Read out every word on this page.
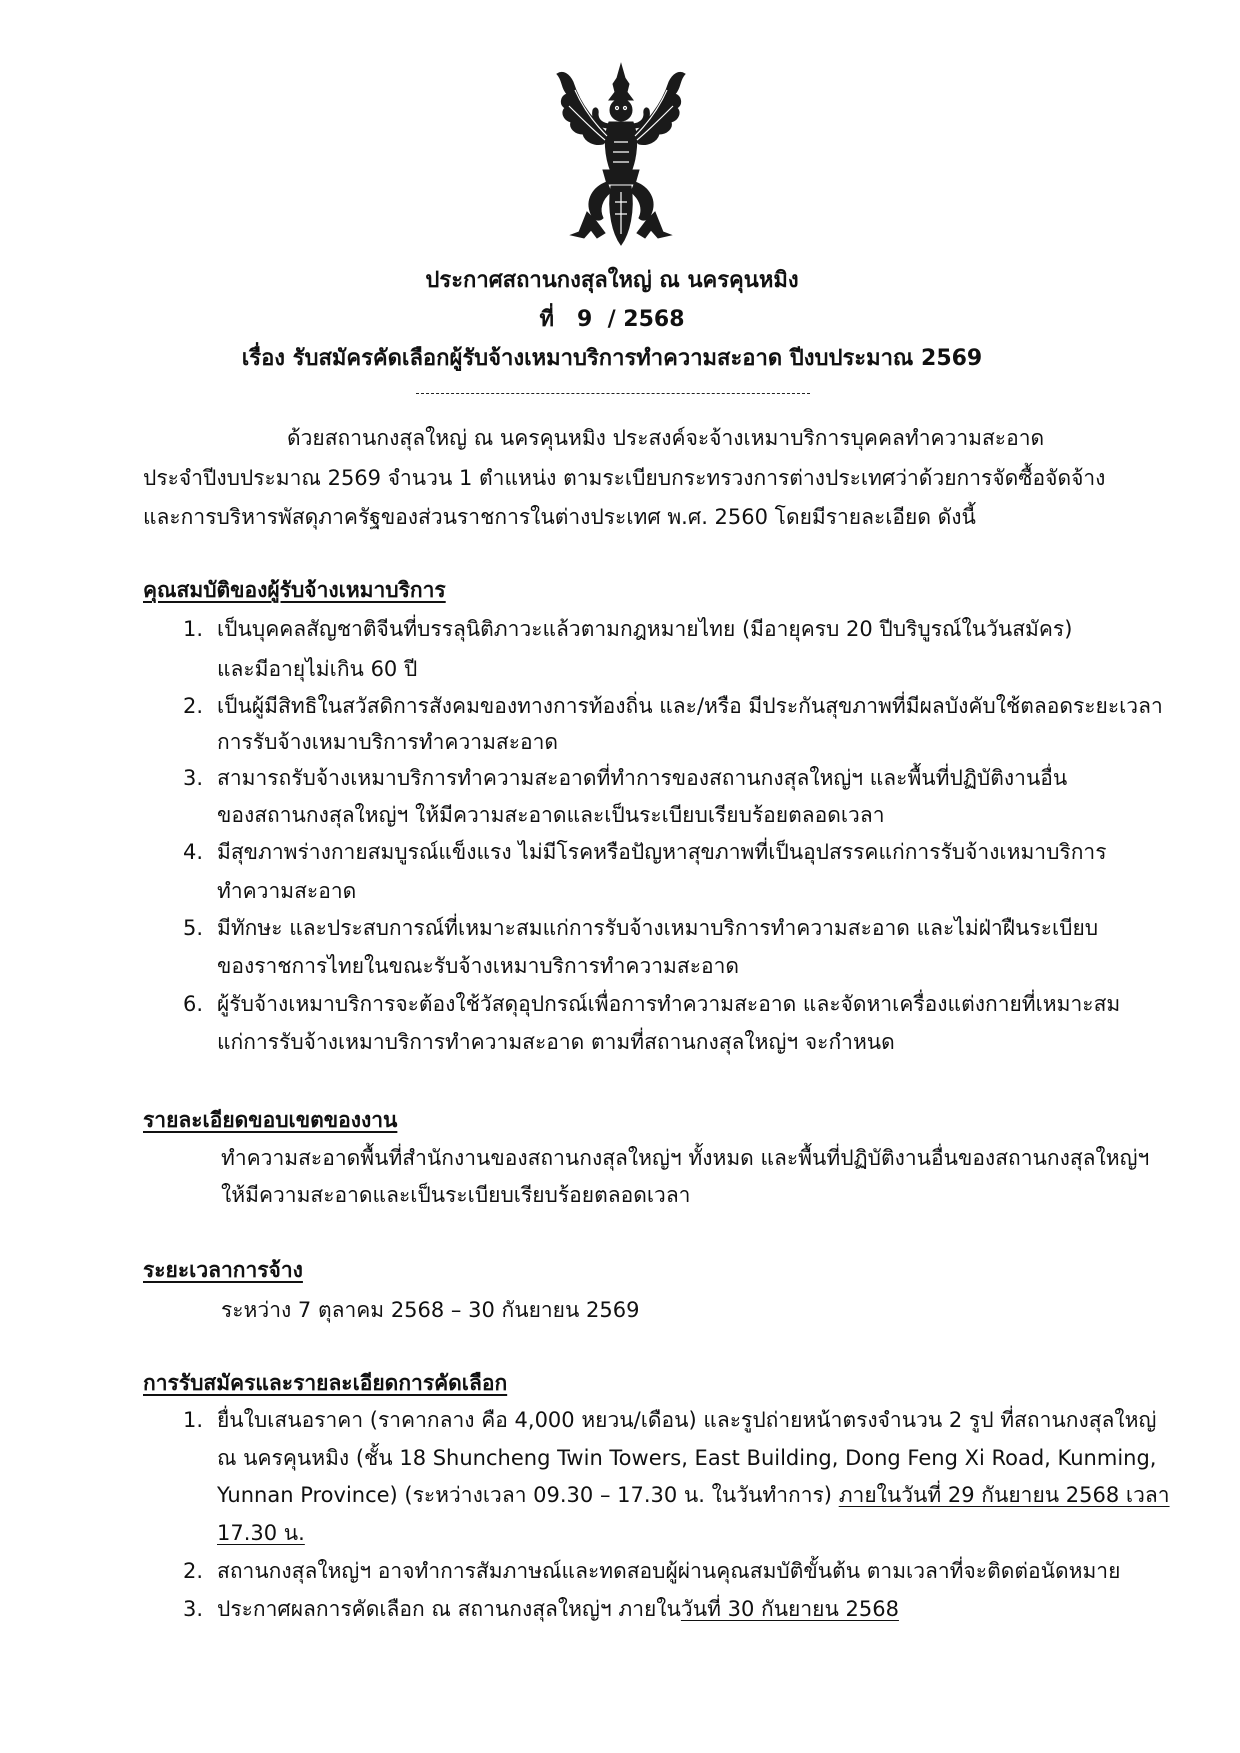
ประกาศสถานกงสุลใหญ่ ณ นครคุนหมิง
ที่   9  / 2568
เรื่อง รับสมัครคัดเลือกผู้รับจ้างเหมาบริการทำความสะอาด ปีงบประมาณ 2569
ด้วยสถานกงสุลใหญ่ ณ นครคุนหมิง ประสงค์จะจ้างเหมาบริการบุคคลทำความสะอาด
ประจำปีงบประมาณ 2569 จำนวน 1 ตำแหน่ง ตามระเบียบกระทรวงการต่างประเทศว่าด้วยการจัดซื้อจัดจ้าง
และการบริหารพัสดุภาครัฐของส่วนราชการในต่างประเทศ พ.ศ. 2560 โดยมีรายละเอียด ดังนี้
คุณสมบัติของผู้รับจ้างเหมาบริการ
1. เป็นบุคคลสัญชาติจีนที่บรรลุนิติภาวะแล้วตามกฎหมายไทย (มีอายุครบ 20 ปีบริบูรณ์ในวันสมัคร)
และมีอายุไม่เกิน 60 ปี
2. เป็นผู้มีสิทธิในสวัสดิการสังคมของทางการท้องถิ่น และ/หรือ มีประกันสุขภาพที่มีผลบังคับใช้ตลอดระยะเวลา
การรับจ้างเหมาบริการทำความสะอาด
3. สามารถรับจ้างเหมาบริการทำความสะอาดที่ทำการของสถานกงสุลใหญ่ฯ และพื้นที่ปฏิบัติงานอื่น
ของสถานกงสุลใหญ่ฯ ให้มีความสะอาดและเป็นระเบียบเรียบร้อยตลอดเวลา
4. มีสุขภาพร่างกายสมบูรณ์แข็งแรง ไม่มีโรคหรือปัญหาสุขภาพที่เป็นอุปสรรคแก่การรับจ้างเหมาบริการ
ทำความสะอาด
5. มีทักษะ และประสบการณ์ที่เหมาะสมแก่การรับจ้างเหมาบริการทำความสะอาด และไม่ฝ่าฝืนระเบียบ
ของราชการไทยในขณะรับจ้างเหมาบริการทำความสะอาด
6. ผู้รับจ้างเหมาบริการจะต้องใช้วัสดุอุปกรณ์เพื่อการทำความสะอาด และจัดหาเครื่องแต่งกายที่เหมาะสม
แก่การรับจ้างเหมาบริการทำความสะอาด ตามที่สถานกงสุลใหญ่ฯ จะกำหนด
รายละเอียดขอบเขตของงาน
ทำความสะอาดพื้นที่สำนักงานของสถานกงสุลใหญ่ฯ ทั้งหมด และพื้นที่ปฏิบัติงานอื่นของสถานกงสุลใหญ่ฯ
ให้มีความสะอาดและเป็นระเบียบเรียบร้อยตลอดเวลา
ระยะเวลาการจ้าง
ระหว่าง 7 ตุลาคม 2568 – 30 กันยายน 2569
การรับสมัครและรายละเอียดการคัดเลือก
1. ยื่นใบเสนอราคา (ราคากลาง คือ 4,000 หยวน/เดือน) และรูปถ่ายหน้าตรงจำนวน 2 รูป ที่สถานกงสุลใหญ่
ณ นครคุนหมิง (ชั้น 18 Shuncheng Twin Towers, East Building, Dong Feng Xi Road, Kunming,
Yunnan Province) (ระหว่างเวลา 09.30 – 17.30 น. ในวันทำการ) ภายในวันที่ 29 กันยายน 2568 เวลา
17.30 น.
2. สถานกงสุลใหญ่ฯ อาจทำการสัมภาษณ์และทดสอบผู้ผ่านคุณสมบัติขั้นต้น ตามเวลาที่จะติดต่อนัดหมาย
3. ประกาศผลการคัดเลือก ณ สถานกงสุลใหญ่ฯ ภายในวันที่ 30 กันยายน 2568
